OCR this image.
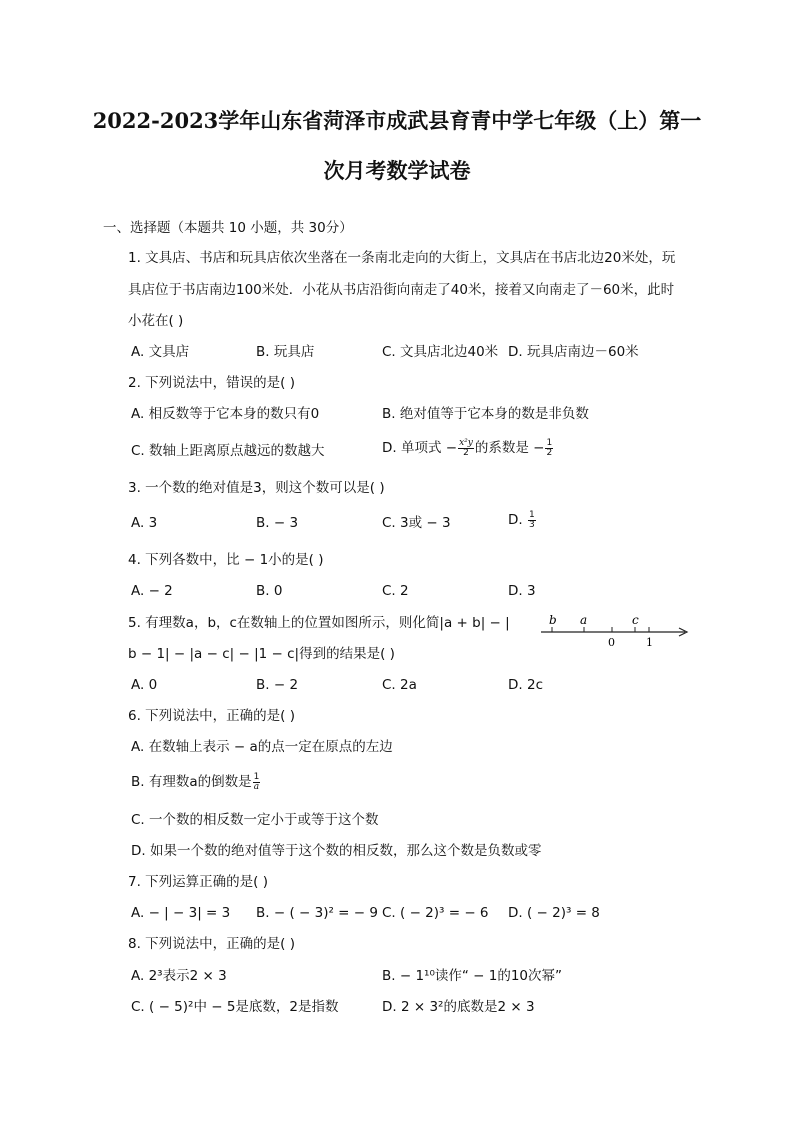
2022-2023学年山东省菏泽市成武县育青中学七年级（上）第一
次月考数学试卷
一、选择题（本题共 10 小题，共 30分）
1. 文具店、书店和玩具店依次坐落在一条南北走向的大街上，文具店在书店北边20米处，玩
具店位于书店南边100米处．小花从书店沿街向南走了40米，接着又向南走了－60米，此时
小花在( )
A. 文具店	B. 玩具店	C. 文具店北边40米 D. 玩具店南边－60米
2. 下列说法中，错误的是( )
A. 相反数等于它本身的数只有0	B. 绝对值等于它本身的数是非负数
C. 数轴上距离原点越远的数越大	D. 单项式 − $\frac{\text{x²y}}{2}$ 的系数是 − $\frac{1}{2}$
3. 一个数的绝对值是3，则这个数可以是( )
A. 3	B. − 3	C. 3或 − 3	D. $\frac{1}{3}$
4. 下列各数中，比 − 1小的是( )
A. − 2	B. 0	C. 2	D. 3
5. 有理数a，b，c在数轴上的位置如图所示，则化简|a + b| − |
b − 1| − |a − c| − |1 − c|得到的结果是( )
b a	c
0	1
A. 0	B. − 2	C. 2a	D. 2c
6. 下列说法中，正确的是( )
A. 在数轴上表示 − a的点一定在原点的左边
B. 有理数a的倒数是 $\frac{1}{a}$
C. 一个数的相反数一定小于或等于这个数
D. 如果一个数的绝对值等于这个数的相反数，那么这个数是负数或零
7. 下列运算正确的是( )
A. − | − 3| = 3 B. − ( − 3)² = − 9 C. ( − 2)³ = − 6 D. ( − 2)³ = 8
8. 下列说法中，正确的是( )
A. 2³表示2 × 3	B. − 1¹⁰读作“ − 1的10次幂”
C. ( − 5)²中 − 5是底数，2是指数	D. 2 × 3²的底数是2 × 3
